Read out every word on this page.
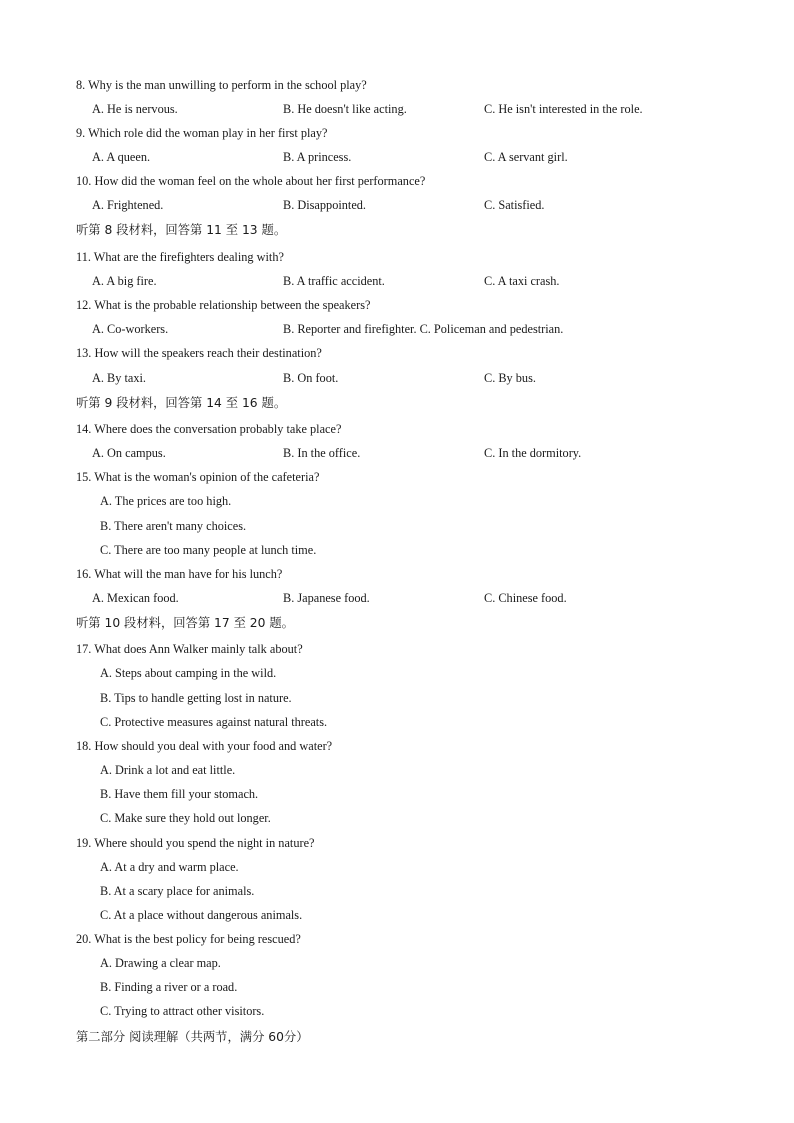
8. Why is the man unwilling to perform in the school play?
A. He is nervous.	B. He doesn't like acting.	C. He isn't interested in the role.
9. Which role did the woman play in her first play?
A. A queen.	B. A princess.	C. A servant girl.
10. How did the woman feel on the whole about her first performance?
A. Frightened.	B. Disappointed.	C. Satisfied.
听第 8 段材料，回答第 11 至 13 题。
11. What are the firefighters dealing with?
A. A big fire.	B. A traffic accident.	C. A taxi crash.
12. What is the probable relationship between the speakers?
A. Co-workers.	B. Reporter and firefighter. C. Policeman and pedestrian.
13. How will the speakers reach their destination?
A. By taxi.	B. On foot.	C. By bus.
听第 9 段材料，回答第 14 至 16 题。
14. Where does the conversation probably take place?
A. On campus.	B. In the office.	C. In the dormitory.
15. What is the woman's opinion of the cafeteria?
A. The prices are too high.
B. There aren't many choices.
C. There are too many people at lunch time.
16. What will the man have for his lunch?
A. Mexican food.	B. Japanese food.	C. Chinese food.
听第 10 段材料，回答第 17 至 20 题。
17. What does Ann Walker mainly talk about?
A. Steps about camping in the wild.
B. Tips to handle getting lost in nature.
C. Protective measures against natural threats.
18. How should you deal with your food and water?
A. Drink a lot and eat little.
B. Have them fill your stomach.
C. Make sure they hold out longer.
19. Where should you spend the night in nature?
A. At a dry and warm place.
B. At a scary place for animals.
C. At a place without dangerous animals.
20. What is the best policy for being rescued?
A. Drawing a clear map.
B. Finding a river or a road.
C. Trying to attract other visitors.
第二部分 阅读理解（共两节，满分 60分）
